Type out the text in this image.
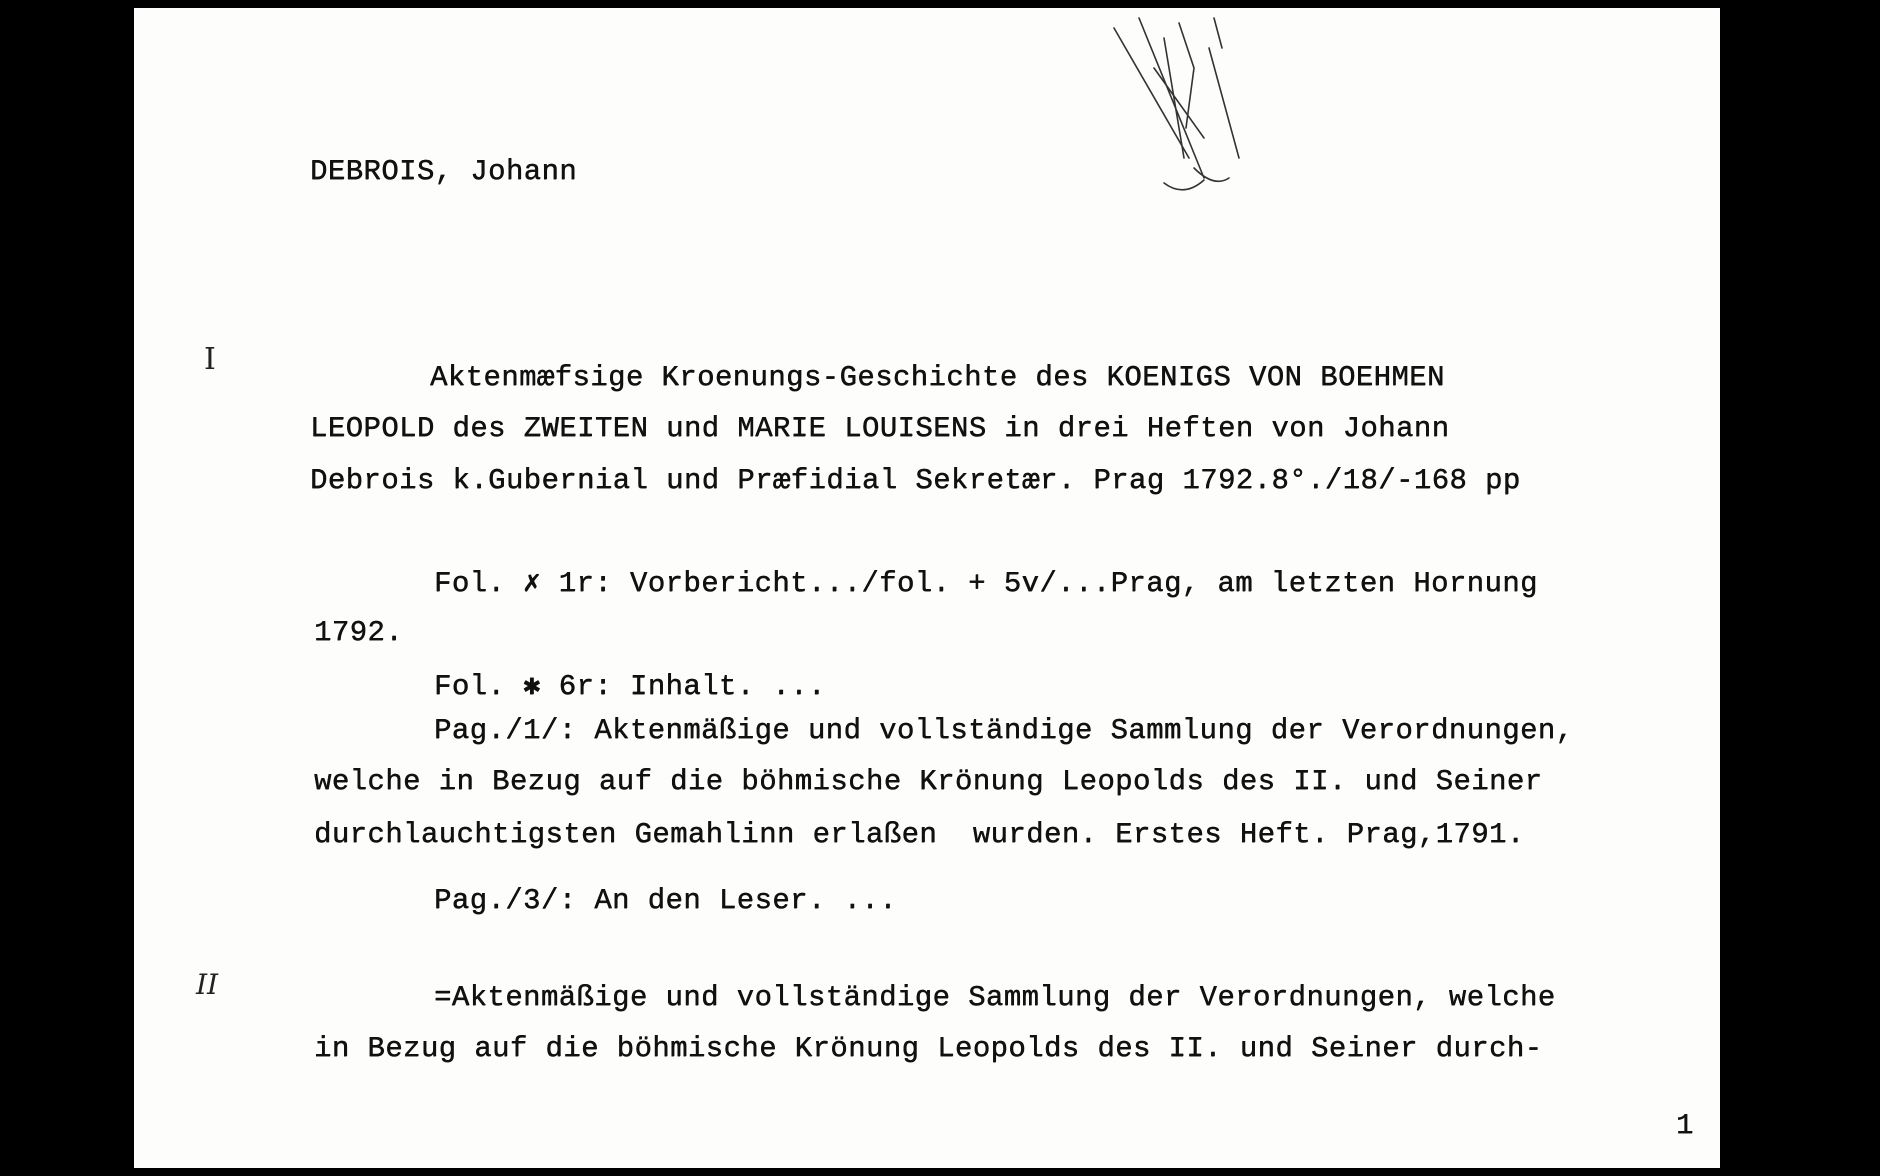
DEBROIS, Johann
I
Aktenmæfsige Kroenungs-Geschichte des KOENIGS VON BOEHMEN
LEOPOLD des ZWEITEN und MARIE LOUISENS in drei Heften von Johann
Debrois k.Gubernial und Præfidial Sekretær. Prag 1792.8°./18/-168 pp
Fol. ✗ 1r: Vorbericht.../fol. + 5v/...Prag, am letzten Hornung
1792.
Fol. ✱ 6r: Inhalt. ...
Pag./1/: Aktenmäßige und vollständige Sammlung der Verordnungen,
welche in Bezug auf die böhmische Krönung Leopolds des II. und Seiner
durchlauchtigsten Gemahlinn erlaßen  wurden. Erstes Heft. Prag,1791.
Pag./3/: An den Leser. ...
II	=Aktenmäßige und vollständige Sammlung der Verordnungen, welche
in Bezug auf die böhmische Krönung Leopolds des II. und Seiner durch-
1
